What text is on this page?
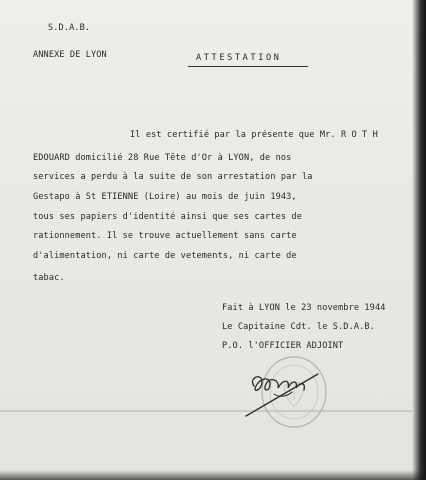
S.D.A.B.
ANNEXE DE LYON	ATTESTATION
Il est certifié par la présente que Mr. R O T H
EDOUARD domicilié 28 Rue Tête d'Or à LYON, de nos
services a perdu à la suite de son arrestation par la
Gestapo à St ETIENNE (Loire) au mois de juin 1943,
tous ses papiers d'identité ainsi que ses cartes de
rationnement. Il se trouve actuellement sans carte
d'alimentation, ni carte de vetements, ni carte de
tabac.
Fait à LYON le 23 novembre 1944
Le Capitaine Cdt. le S.D.A.B.
P.O. l'OFFICIER ADJOINT
